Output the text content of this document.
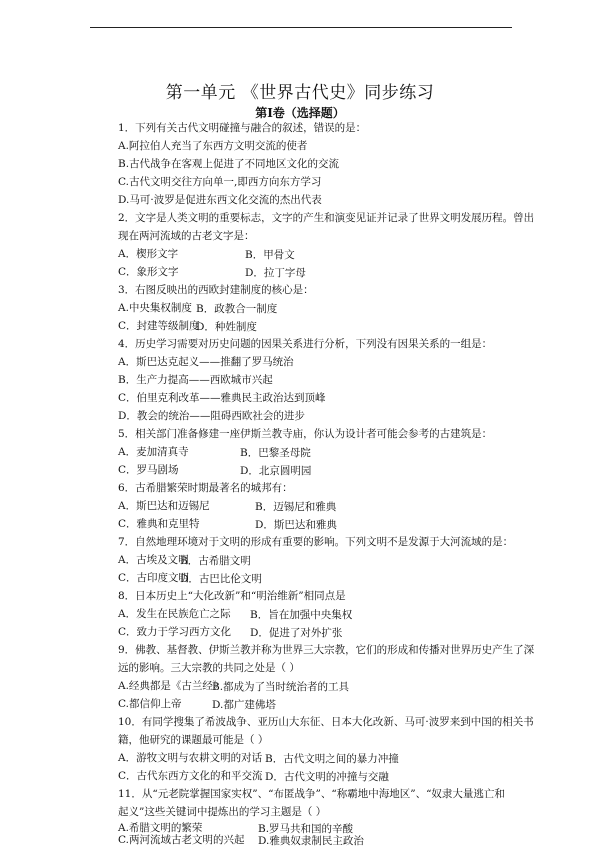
第一单元 《世界古代史》同步练习
第Ⅰ卷（选择题）
1．下列有关古代文明碰撞与融合的叙述，错误的是：
A.阿拉伯人充当了东西方文明交流的使者
B.古代战争在客观上促进了不同地区文化的交流
C.古代文明交往方向单一,即西方向东方学习
D.马可·波罗是促进东西文化交流的杰出代表
2．文字是人类文明的重要标志，文字的产生和演变见证并记录了世界文明发展历程。曾出
现在两河流域的古老文字是：
A．楔形文字	B．甲骨文
C．象形文字	D．拉丁字母
3．右图反映出的西欧封建制度的核心是：
A.中央集权制度 B．政教合一制度
C．封建等级制度
D．种姓制度
4．历史学习需要对历史问题的因果关系进行分析，下列没有因果关系的一组是：
A．斯巴达克起义——推翻了罗马统治
B．生产力提高——西欧城市兴起
C．伯里克利改革——雅典民主政治达到顶峰
D．教会的统治——阻碍西欧社会的进步
5．相关部门准备修建一座伊斯兰教寺庙，你认为设计者可能会参考的古建筑是：
A．麦加清真寺	B．巴黎圣母院
C．罗马剧场	D．北京圆明园
6．古希腊繁荣时期最著名的城邦有：
A．斯巴达和迈锡尼	B．迈锡尼和雅典
C．雅典和克里特	D．斯巴达和雅典
7．自然地理环境对于文明的形成有重要的影响。下列文明不是发源于大河流域的是：
A．古埃及文明
B．古希腊文明
C．古印度文明
D．古巴比伦文明
8．日本历史上“大化改新”和“明治维新”相同点是
A．发生在民族危亡之际 B．旨在加强中央集权
C．致力于学习西方文化 D．促进了对外扩张
9．佛教、基督教、伊斯兰教并称为世界三大宗教，它们的形成和传播对世界历史产生了深
远的影响。三大宗教的共同之处是（ ）
A.经典都是《古兰经》
B.都成为了当时统治者的工具
C.都信仰上帝	D.都广建佛塔
10．有同学搜集了希波战争、亚历山大东征、日本大化改新、马可·波罗来到中国的相关书
籍，他研究的课题最可能是（ ）
A．游牧文明与农耕文明的对话 B．古代文明之间的暴力冲撞
C．古代东西方文化的和平交流 D．古代文明的冲撞与交融
11．从“元老院掌握国家实权”、“布匿战争”、“称霸地中海地区”、“奴隶大量逃亡和
起义”这些关键词中提炼出的学习主题是（ ）
A.希腊文明的繁荣	B.罗马共和国的辛酸
C.两河流域古老文明的兴起 D.雅典奴隶制民主政治
